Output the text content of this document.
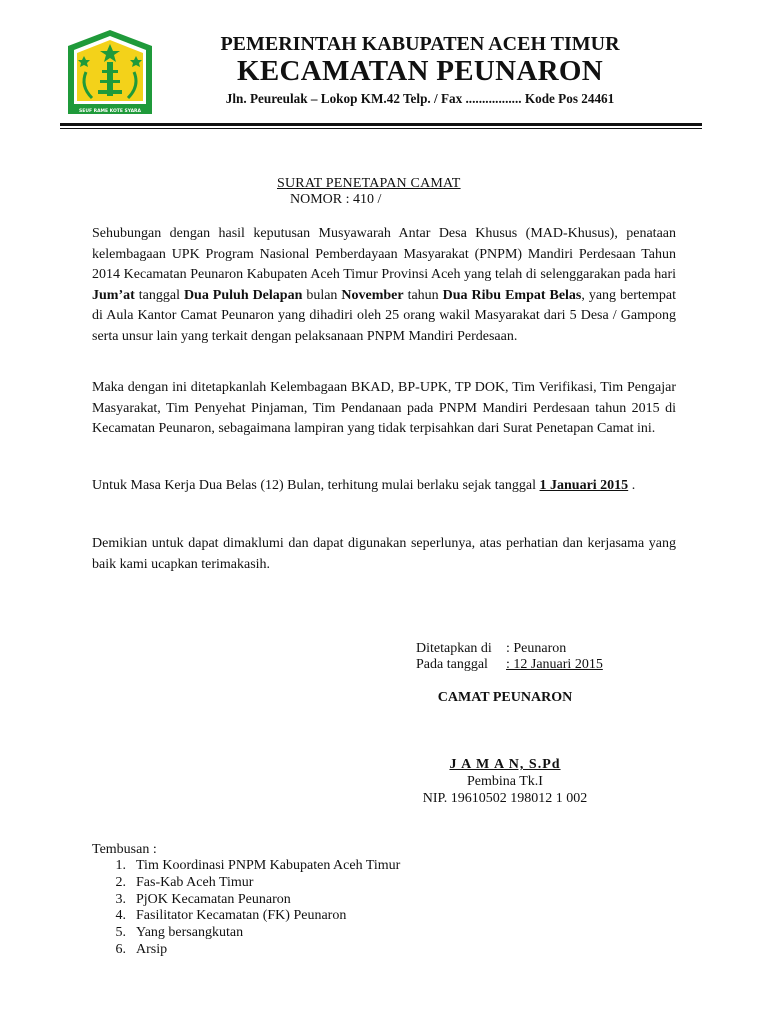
SEUF RAME KOTE SYARA
PEMERINTAH KABUPATEN ACEH TIMUR
KECAMATAN PEUNARON
Jln. Peureulak – Lokop KM.42 Telp. / Fax ................. Kode Pos 24461
SURAT PENETAPAN CAMAT
NOMOR : 410 /
Sehubungan dengan hasil keputusan Musyawarah Antar Desa Khusus (MAD-Khusus), penataan kelembagaan UPK Program Nasional Pemberdayaan Masyarakat (PNPM) Mandiri Perdesaan Tahun 2014 Kecamatan Peunaron Kabupaten Aceh Timur Provinsi Aceh yang telah di selenggarakan pada hari Jum’at tanggal Dua Puluh Delapan bulan November tahun Dua Ribu Empat Belas, yang bertempat di Aula Kantor Camat Peunaron yang dihadiri oleh 25 orang wakil Masyarakat dari 5 Desa / Gampong serta unsur lain yang terkait dengan pelaksanaan PNPM Mandiri Perdesaan.
Maka dengan ini ditetapkanlah Kelembagaan BKAD, BP-UPK, TP DOK, Tim Verifikasi, Tim Pengajar Masyarakat, Tim Penyehat Pinjaman, Tim Pendanaan pada PNPM Mandiri Perdesaan tahun 2015 di Kecamatan Peunaron, sebagaimana lampiran yang tidak terpisahkan dari Surat Penetapan Camat ini.
Untuk Masa Kerja Dua Belas (12) Bulan, terhitung mulai berlaku sejak tanggal 1 Januari 2015 .
Demikian untuk dapat dimaklumi dan dapat digunakan seperlunya, atas perhatian dan kerjasama yang baik kami ucapkan terimakasih.
Ditetapkan di : Peunaron
Pada tanggal : 12 Januari 2015
CAMAT PEUNARON
J A M A N, S.Pd
Pembina Tk.I
NIP. 19610502 198012 1 002
Tembusan :
1. Tim Koordinasi PNPM Kabupaten Aceh Timur
2. Fas-Kab Aceh Timur
3. PjOK Kecamatan Peunaron
4. Fasilitator Kecamatan (FK) Peunaron
5. Yang bersangkutan
6. Arsip
